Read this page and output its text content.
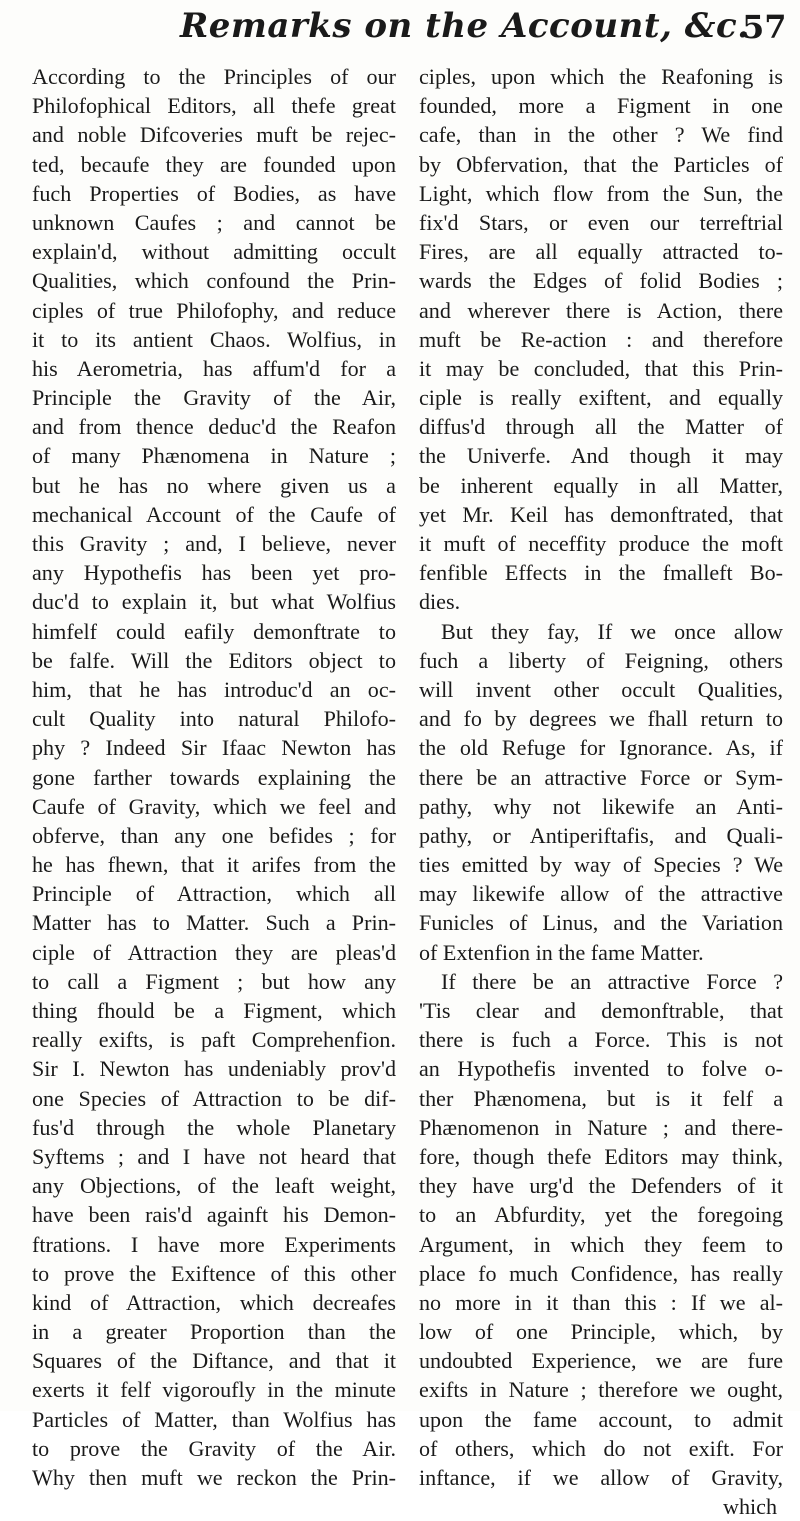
Remarks on the Account, &c.
57
According to the Principles of our
Philofophical Editors, all thefe great
and noble Difcoveries muft be rejec-
ted, becaufe they are founded upon
fuch Properties of Bodies, as have
unknown Caufes ; and cannot be
explain'd, without admitting occult
Qualities, which confound the Prin-
ciples of true Philofophy, and reduce
it to its antient Chaos. Wolfius, in
his Aerometria, has affum'd for a
Principle the Gravity of the Air,
and from thence deduc'd the Reafon
of many Phænomena in Nature ;
but he has no where given us a
mechanical Account of the Caufe of
this Gravity ; and, I believe, never
any Hypothefis has been yet pro-
duc'd to explain it, but what Wolfius
himfelf could eafily demonftrate to
be falfe. Will the Editors object to
him, that he has introduc'd an oc-
cult Quality into natural Philofo-
phy ? Indeed Sir Ifaac Newton has
gone farther towards explaining the
Caufe of Gravity, which we feel and
obferve, than any one befides ; for
he has fhewn, that it arifes from the
Principle of Attraction, which all
Matter has to Matter. Such a Prin-
ciple of Attraction they are pleas'd
to call a Figment ; but how any
thing fhould be a Figment, which
really exifts, is paft Comprehenfion.
Sir I. Newton has undeniably prov'd
one Species of Attraction to be dif-
fus'd through the whole Planetary
Syftems ; and I have not heard that
any Objections, of the leaft weight,
have been rais'd againft his Demon-
ftrations. I have more Experiments
to prove the Exiftence of this other
kind of Attraction, which decreafes
in a greater Proportion than the
Squares of the Diftance, and that it
exerts it felf vigoroufly in the minute
Particles of Matter, than Wolfius has
to prove the Gravity of the Air.
Why then muft we reckon the Prin-
ciples, upon which the Reafoning is
founded, more a Figment in one
cafe, than in the other ? We find
by Obfervation, that the Particles of
Light, which flow from the Sun, the
fix'd Stars, or even our terreftrial
Fires, are all equally attracted to-
wards the Edges of folid Bodies ;
and wherever there is Action, there
muft be Re-action : and therefore
it may be concluded, that this Prin-
ciple is really exiftent, and equally
diffus'd through all the Matter of
the Univerfe. And though it may
be inherent equally in all Matter,
yet Mr. Keil has demonftrated, that
it muft of neceffity produce the moft
fenfible Effects in the fmalleft Bo-
dies.
But they fay, If we once allow
fuch a liberty of Feigning, others
will invent other occult Qualities,
and fo by degrees we fhall return to
the old Refuge for Ignorance. As, if
there be an attractive Force or Sym-
pathy, why not likewife an Anti-
pathy, or Antiperiftafis, and Quali-
ties emitted by way of Species ? We
may likewife allow of the attractive
Funicles of Linus, and the Variation
of Extenfion in the fame Matter.
If there be an attractive Force ?
'Tis clear and demonftrable, that
there is fuch a Force. This is not
an Hypothefis invented to folve o-
ther Phænomena, but is it felf a
Phænomenon in Nature ; and there-
fore, though thefe Editors may think,
they have urg'd the Defenders of it
to an Abfurdity, yet the foregoing
Argument, in which they feem to
place fo much Confidence, has really
no more in it than this : If we al-
low of one Principle, which, by
undoubted Experience, we are fure
exifts in Nature ; therefore we ought,
upon the fame account, to admit
of others, which do not exift. For
inftance, if we allow of Gravity,
which
